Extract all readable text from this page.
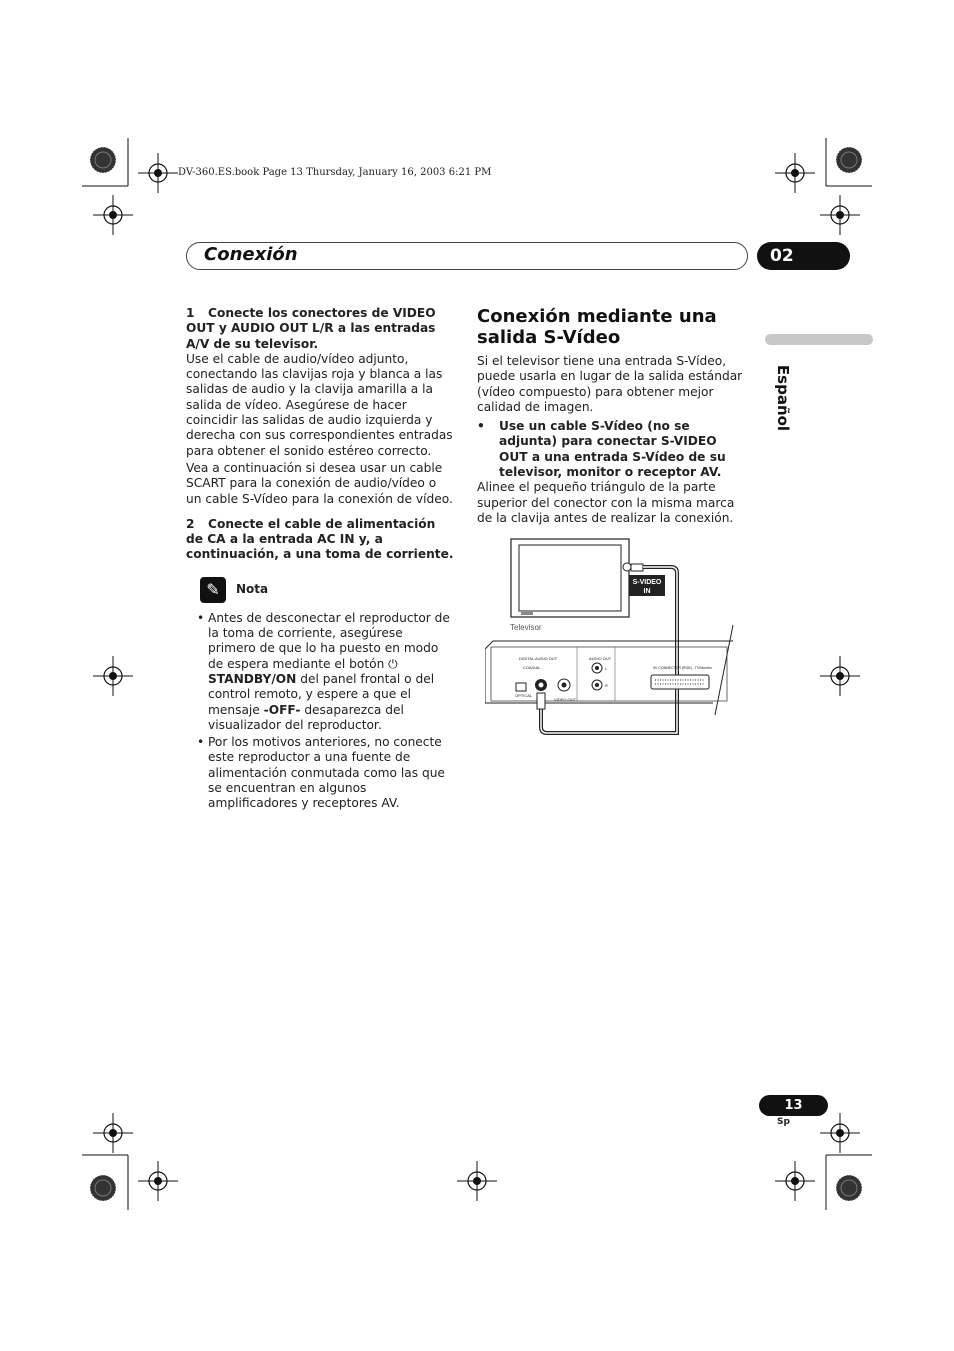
DV-360.ES.book Page 13 Thursday, January 16, 2003 6:21 PM
Conexión	02
Español

1 Conecte los conectores de VIDEO OUT y AUDIO OUT L/R a las entradas A/V de su televisor.

Use el cable de audio/vídeo adjunto, conectando las clavijas roja y blanca a las salidas de audio y la clavija amarilla a la salida de vídeo. Asegúrese de hacer coincidir las salidas de audio izquierda y derecha con sus correspondientes entradas para obtener el sonido estéreo correcto.

Vea a continuación si desea usar un cable SCART para la conexión de audio/vídeo o un cable S-Vídeo para la conexión de vídeo.

2 Conecte el cable de alimentación de CA a la entrada AC IN y, a continuación, a una toma de corriente.

✎	Nota
• Antes de desconectar el reproductor de la toma de corriente, asegúrese primero de que lo ha puesto en modo de espera mediante el botón ⏻ STANDBY/ON del panel frontal o del control remoto, y espere a que el mensaje -OFF- desaparezca del visualizador del reproductor.
• Por los motivos anteriores, no conecte este reproductor a una fuente de alimentación conmutada como las que se encuentran en algunos amplificadores y receptores AV.

Conexión mediante una salida S-Vídeo

Si el televisor tiene una entrada S-Vídeo, puede usarla en lugar de la salida estándar (vídeo compuesto) para obtener mejor calidad de imagen.

• Use un cable S-Vídeo (no se adjunta) para conectar S-VIDEO OUT a una entrada S-Vídeo de su televisor, monitor o receptor AV.

Alinee el pequeño triángulo de la parte superior del conector con la misma marca de la clavija antes de realizar la conexión.

Televisor
S-VIDEO
IN
DIGITAL AUDIO OUT
COAXIAL
OPTICAL
VIDEO OUT
AUDIO OUT
L
R
AV CONNECTOR (RGB) - TV/Monitor
13
Sp
